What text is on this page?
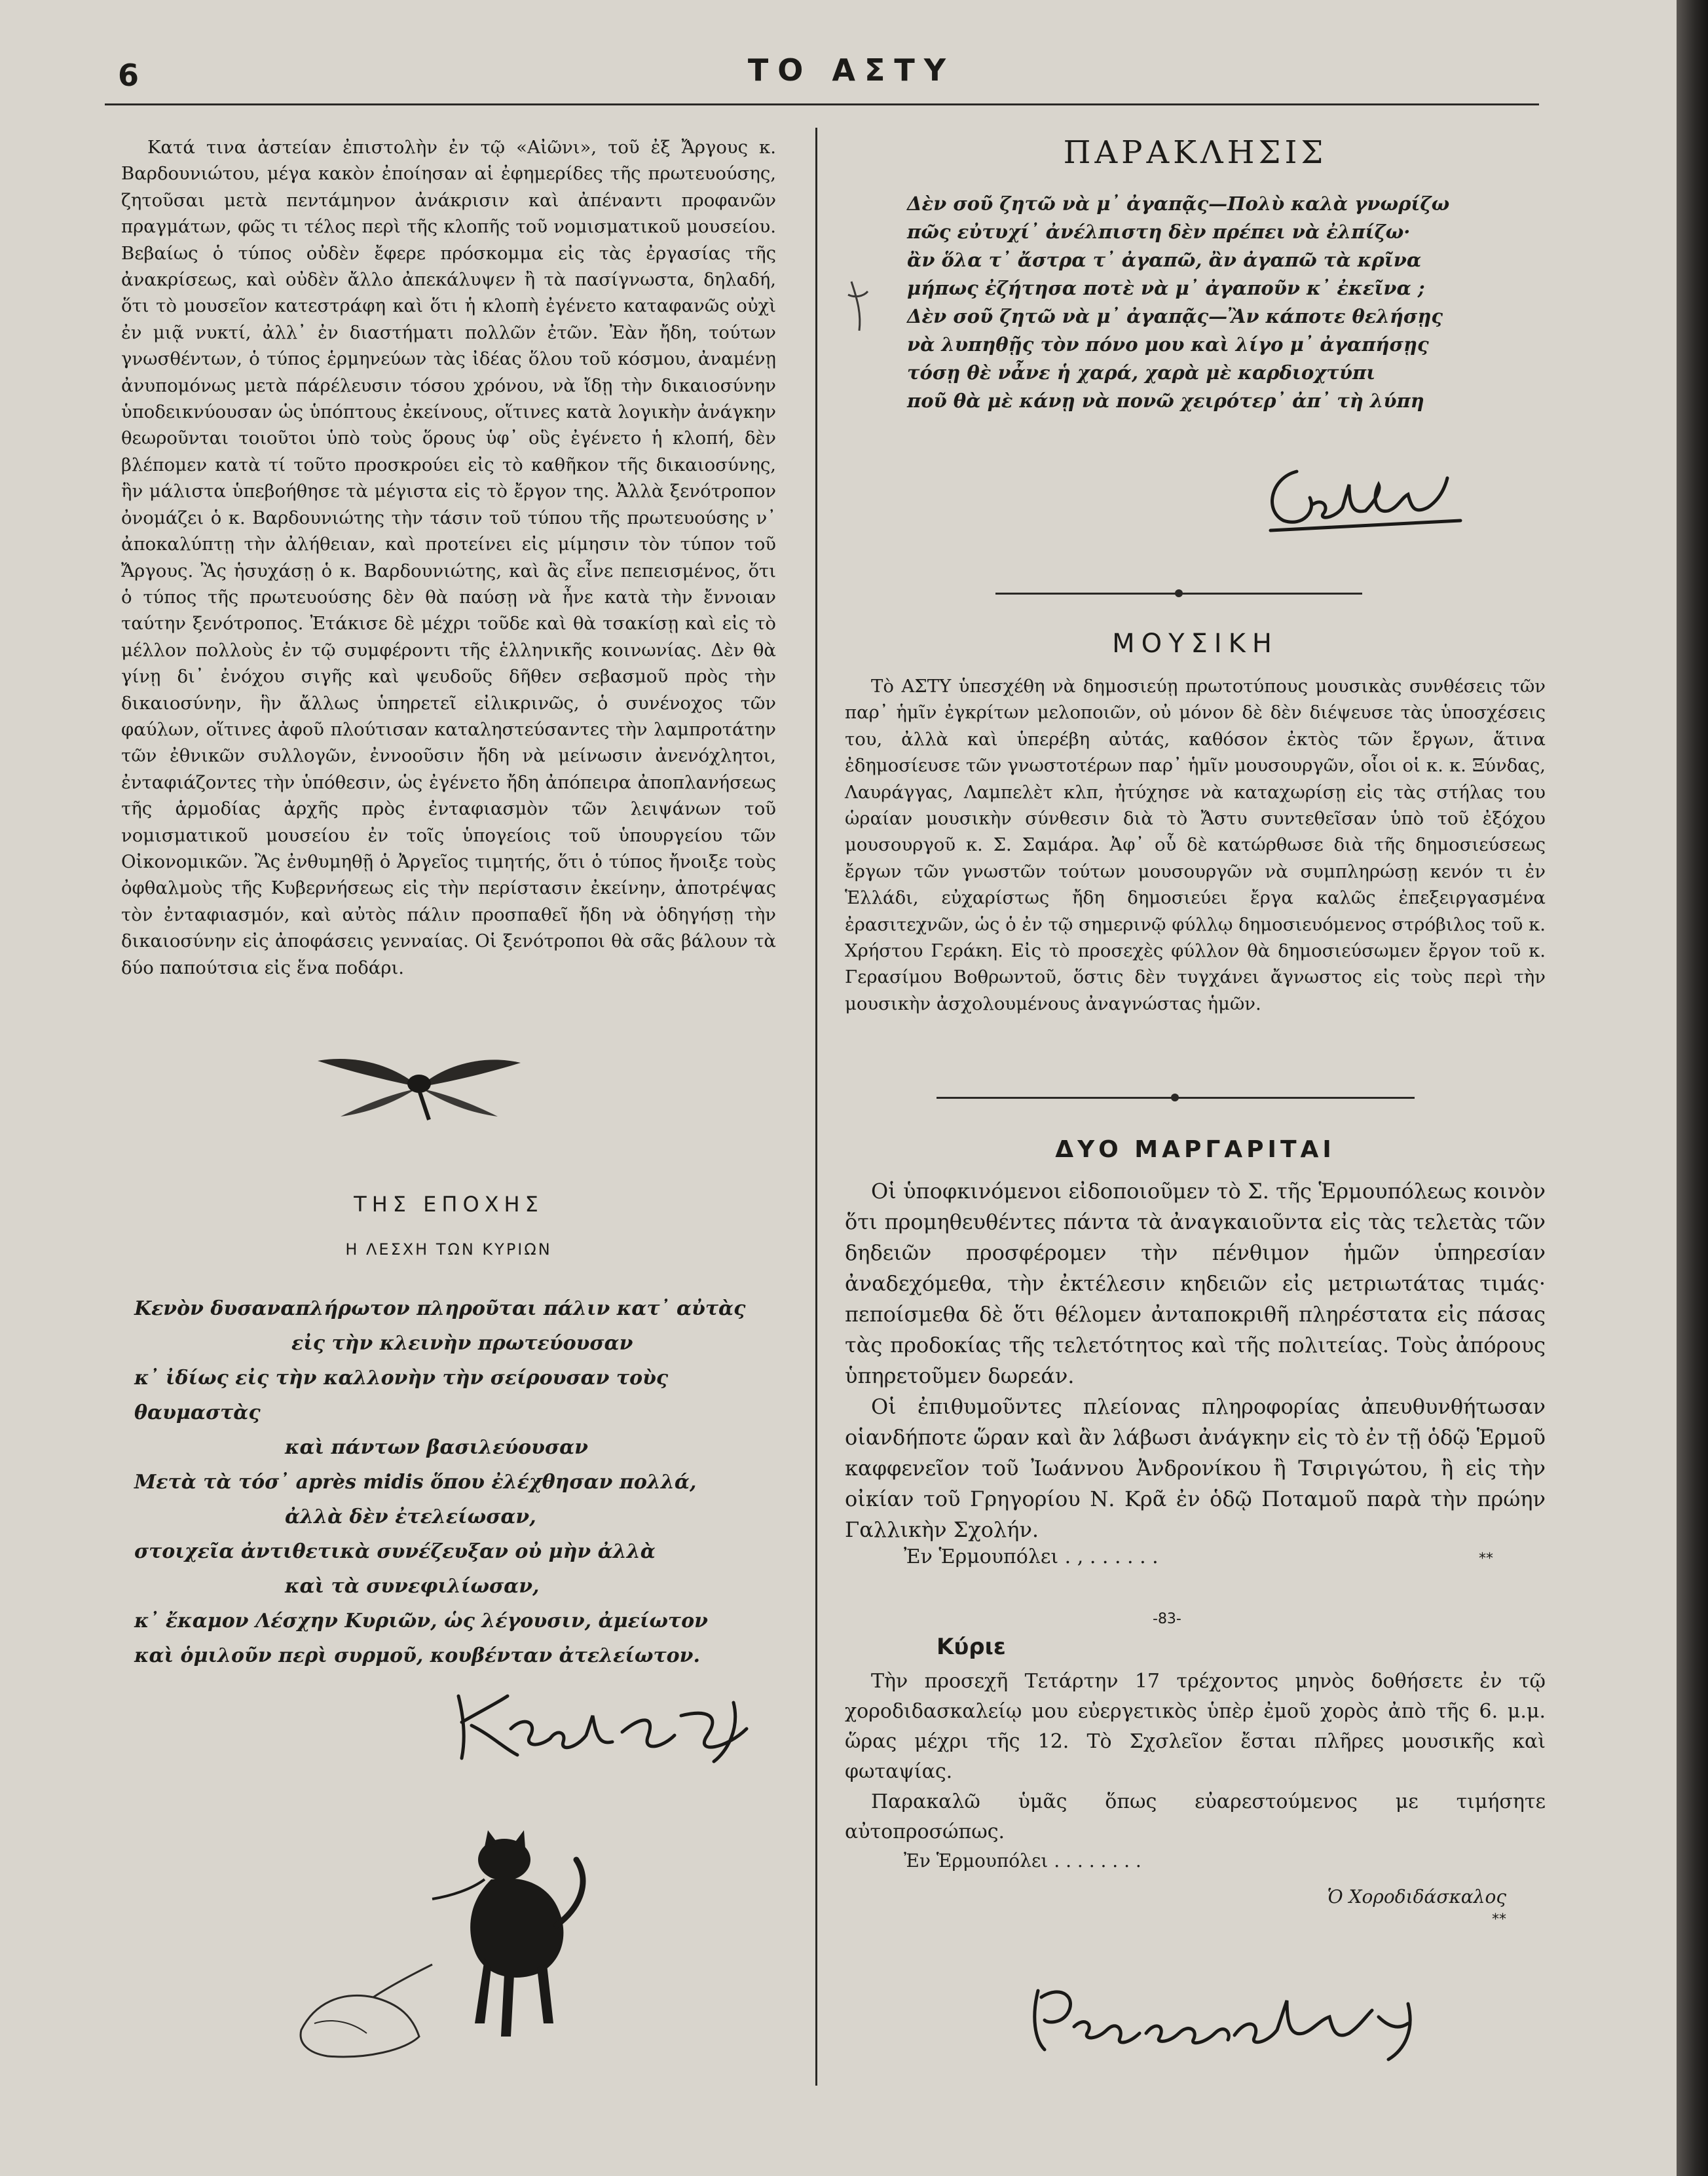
6	ΤΟ ΑΣΤΥ

Κατά τινα ἀστείαν ἐπιστολὴν ἐν τῷ «Αἰῶνι», τοῦ ἐξ Ἄργους κ. Βαρδουνιώτου, μέγα κακὸν ἐποίησαν αἱ ἐφημερίδες τῆς πρωτευούσης, ζητοῦσαι μετὰ πεντάμηνον ἀνάκρισιν καὶ ἀπέναντι προφανῶν πραγμάτων, φῶς τι τέλος περὶ τῆς κλοπῆς τοῦ νομισματικοῦ μουσείου. Βεβαίως ὁ τύπος οὐδὲν ἔφερε πρόσκομμα εἰς τὰς ἐργασίας τῆς ἀνακρίσεως, καὶ οὐδὲν ἄλλο ἀπεκάλυψεν ἢ τὰ πασίγνωστα, δηλαδή, ὅτι τὸ μουσεῖον κατεστράφη καὶ ὅτι ἡ κλοπὴ ἐγένετο καταφανῶς οὐχὶ ἐν μιᾷ νυκτί, ἀλλ᾽ ἐν διαστήματι πολλῶν ἐτῶν. Ἐὰν ἤδη, τούτων γνωσθέντων, ὁ τύπος ἑρμηνεύων τὰς ἰδέας ὅλου τοῦ κόσμου, ἀναμένῃ ἀνυπομόνως μετὰ πάρέλευσιν τόσου χρόνου, νὰ ἴδῃ τὴν δικαιοσύνην ὑποδεικνύουσαν ὡς ὑπόπτους ἐκείνους, οἵτινες κατὰ λογικὴν ἀνάγκην θεωροῦνται τοιοῦτοι ὑπὸ τοὺς ὅρους ὑφ᾽ οὓς ἐγένετο ἡ κλοπή, δὲν βλέπομεν κατὰ τί τοῦτο προσκρούει εἰς τὸ καθῆκον τῆς δικαιοσύνης, ἣν μάλιστα ὑπεβοήθησε τὰ μέγιστα εἰς τὸ ἔργον της. Ἀλλὰ ξενότροπον ὀνομάζει ὁ κ. Βαρδουνιώτης τὴν τάσιν τοῦ τύπου τῆς πρωτευούσης ν᾽ ἀποκαλύπτῃ τὴν ἀλήθειαν, καὶ προτείνει εἰς μίμησιν τὸν τύπον τοῦ Ἄργους. Ἂς ἡσυχάσῃ ὁ κ. Βαρδουνιώτης, καὶ ἂς εἶνε πεπεισμένος, ὅτι ὁ τύπος τῆς πρωτευούσης δὲν θὰ παύσῃ νὰ ἦνε κατὰ τὴν ἔννοιαν ταύτην ξενότροπος. Ἐτάκισε δὲ μέχρι τοῦδε καὶ θὰ τσακίσῃ καὶ εἰς τὸ μέλλον πολλοὺς ἐν τῷ συμφέροντι τῆς ἑλληνικῆς κοινωνίας. Δὲν θὰ γίνῃ δι᾽ ἐνόχου σιγῆς καὶ ψευδοῦς δῆθεν σεβασμοῦ πρὸς τὴν δικαιοσύνην, ἣν ἄλλως ὑπηρετεῖ εἰλικρινῶς, ὁ συνένοχος τῶν φαύλων, οἵτινες ἀφοῦ πλούτισαν καταληστεύσαντες τὴν λαμπροτάτην τῶν ἐθνικῶν συλλογῶν, ἐννοοῦσιν ἤδη νὰ μείνωσιν ἀνενόχλητοι, ἐνταφιάζοντες τὴν ὑπόθεσιν, ὡς ἐγένετο ἤδη ἀπόπειρα ἀποπλανήσεως τῆς ἁρμοδίας ἀρχῆς πρὸς ἐνταφιασμὸν τῶν λειψάνων τοῦ νομισματικοῦ μουσείου ἐν τοῖς ὑπογείοις τοῦ ὑπουργείου τῶν Οἰκονομικῶν. Ἂς ἐνθυμηθῇ ὁ Ἀργεῖος τιμητής, ὅτι ὁ τύπος ἤνοιξε τοὺς ὀφθαλμοὺς τῆς Κυβερνήσεως εἰς τὴν περίστασιν ἐκείνην, ἀποτρέψας τὸν ἐνταφιασμόν, καὶ αὐτὸς πάλιν προσπαθεῖ ἤδη νὰ ὁδηγήσῃ τὴν δικαιοσύνην εἰς ἀποφάσεις γενναίας. Οἱ ξενότροποι θὰ σᾶς βάλουν τὰ δύο παπούτσια εἰς ἕνα ποδάρι.

ΤΗΣ ΕΠΟΧΗΣ

Η ΛΕΣΧΗ ΤΩΝ ΚΥΡΙΩΝ

Κενὸν δυσαναπλήρωτον πληροῦται πάλιν κατ᾽ αὐτὰς

εἰς τὴν κλεινὴν πρωτεύουσαν

κ᾽ ἰδίως εἰς τὴν καλλονὴν τὴν σείρουσαν τοὺς θαυμαστὰς

καὶ πάντων βασιλεύουσαν

Μετὰ τὰ τόσ᾽ après midis ὅπου ἐλέχθησαν πολλά,

ἀλλὰ δὲν ἐτελείωσαν,

στοιχεῖα ἀντιθετικὰ συνέζευξαν οὐ μὴν ἀλλὰ

καὶ τὰ συνεφιλίωσαν,

κ᾽ ἔκαμον Λέσχην Κυριῶν, ὡς λέγουσιν, ἀμείωτον

καὶ ὁμιλοῦν περὶ συρμοῦ, κουβένταν ἀτελείωτον.

ΠΑΡΑΚΛΗΣΙΣ

Δὲν σοῦ ζητῶ νὰ μ᾽ ἀγαπᾷς—Πολὺ καλὰ γνωρίζω

πῶς εὐτυχί᾽ ἀνέλπιστη δὲν πρέπει νὰ ἐλπίζω·

ἂν ὅλα τ᾽ ἄστρα τ᾽ ἀγαπῶ, ἂν ἀγαπῶ τὰ κρῖνα

μήπως ἐζήτησα ποτὲ νὰ μ᾽ ἀγαποῦν κ᾽ ἐκεῖνα ;

Δὲν σοῦ ζητῶ νὰ μ᾽ ἀγαπᾷς—Ἂν κάποτε θελήσῃς

νὰ λυπηθῇς τὸν πόνο μου καὶ λίγο μ᾽ ἀγαπήσῃς

τόσῃ θὲ νἆνε ἡ χαρά, χαρὰ μὲ καρδιοχτύπι

ποῦ θὰ μὲ κάνῃ νὰ πονῶ χειρότερ᾽ ἀπ᾽ τὴ λύπη

ΜΟΥΣΙΚΗ

Τὸ ΑΣΤΥ ὑπεσχέθη νὰ δημοσιεύῃ πρωτοτύπους μουσικὰς συνθέσεις τῶν παρ᾽ ἡμῖν ἐγκρίτων μελοποιῶν, οὐ μόνον δὲ δὲν διέψευσε τὰς ὑποσχέσεις του, ἀλλὰ καὶ ὑπερέβη αὐτάς, καθόσον ἐκτὸς τῶν ἔργων, ἅτινα ἐδημοσίευσε τῶν γνωστοτέρων παρ᾽ ἡμῖν μουσουργῶν, οἷοι οἱ κ. κ. Ξύνδας, Λαυράγγας, Λαμπελὲτ κλπ, ἠτύχησε νὰ καταχωρίσῃ εἰς τὰς στήλας του ὡραίαν μουσικὴν σύνθεσιν διὰ τὸ Ἄστυ συντεθεῖσαν ὑπὸ τοῦ ἐξόχου μουσουργοῦ κ. Σ. Σαμάρα. Ἀφ᾽ οὗ δὲ κατώρθωσε διὰ τῆς δημοσιεύσεως ἔργων τῶν γνωστῶν τούτων μουσουργῶν νὰ συμπληρώσῃ κενόν τι ἐν Ἑλλάδι, εὐχαρίστως ἤδη δημοσιεύει ἔργα καλῶς ἐπεξειργασμένα ἐρασιτεχνῶν, ὡς ὁ ἐν τῷ σημερινῷ φύλλῳ δημοσιευόμενος στρόβιλος τοῦ κ. Χρήστου Γεράκη. Εἰς τὸ προσεχὲς φύλλον θὰ δημοσιεύσωμεν ἔργον τοῦ κ. Γερασίμου Βοθρωντοῦ, ὅστις δὲν τυγχάνει ἄγνωστος εἰς τοὺς περὶ τὴν μουσικὴν ἀσχολουμένους ἀναγνώστας ἡμῶν.

ΔΥΟ ΜΑΡΓΑΡΙΤΑΙ

Οἱ ὑποφκινόμενοι εἰδοποιοῦμεν τὸ Σ. τῆς Ἑρμουπόλεως κοινὸν ὅτι προμηθευθέντες πάντα τὰ ἀναγκαιοῦντα εἰς τὰς τελετὰς τῶν δηδειῶν προσφέρομεν τὴν πένθιμον ἡμῶν ὑπηρεσίαν ἀναδεχόμεθα, τὴν ἐκτέλεσιν κηδειῶν εἰς μετριωτάτας τιμάς· πεποίσμεθα δὲ ὅτι θέλομεν ἀνταποκριθῆ πληρέστατα εἰς πάσας τὰς προδοκίας τῆς τελετότητος καὶ τῆς πολιτείας. Τοὺς ἀπόρους ὑπηρετοῦμεν δωρεάν.

Οἱ ἐπιθυμοῦντες πλείονας πληροφορίας ἀπευθυνθήτωσαν οἱανδήποτε ὥραν καὶ ἂν λάβωσι ἀνάγκην εἰς τὸ ἐν τῇ ὁδῷ Ἑρμοῦ καφφενεῖον τοῦ Ἰωάννου Ἀνδρονίκου ἢ Τσιριγώτου, ἢ εἰς τὴν οἰκίαν τοῦ Γρηγορίου Ν. Κρᾶ ἐν ὁδῷ Ποταμοῦ παρὰ τὴν πρώην Γαλλικὴν Σχολήν.

Ἐν Ἑρμουπόλει . , . . . . . .	**
-83-

Κύριε

Τὴν προσεχῆ Τετάρτην 17 τρέχοντος μηνὸς δοθήσετε ἐν τῷ χοροδιδασκαλείῳ μου εὐεργετικὸς ὑπὲρ ἐμοῦ χορὸς ἀπὸ τῆς 6. μ.μ. ὥρας μέχρι τῆς 12. Τὸ Σχσλεῖον ἔσται πλῆρες μουσικῆς καὶ φωταψίας.

Παρακαλῶ ὑμᾶς ὅπως εὐαρεστούμενος με τιμήσητε αὐτοπροσώπως.

Ἐν Ἑρμουπόλει . . . . . . . .

Ὁ Χοροδιδάσκαλος

**
